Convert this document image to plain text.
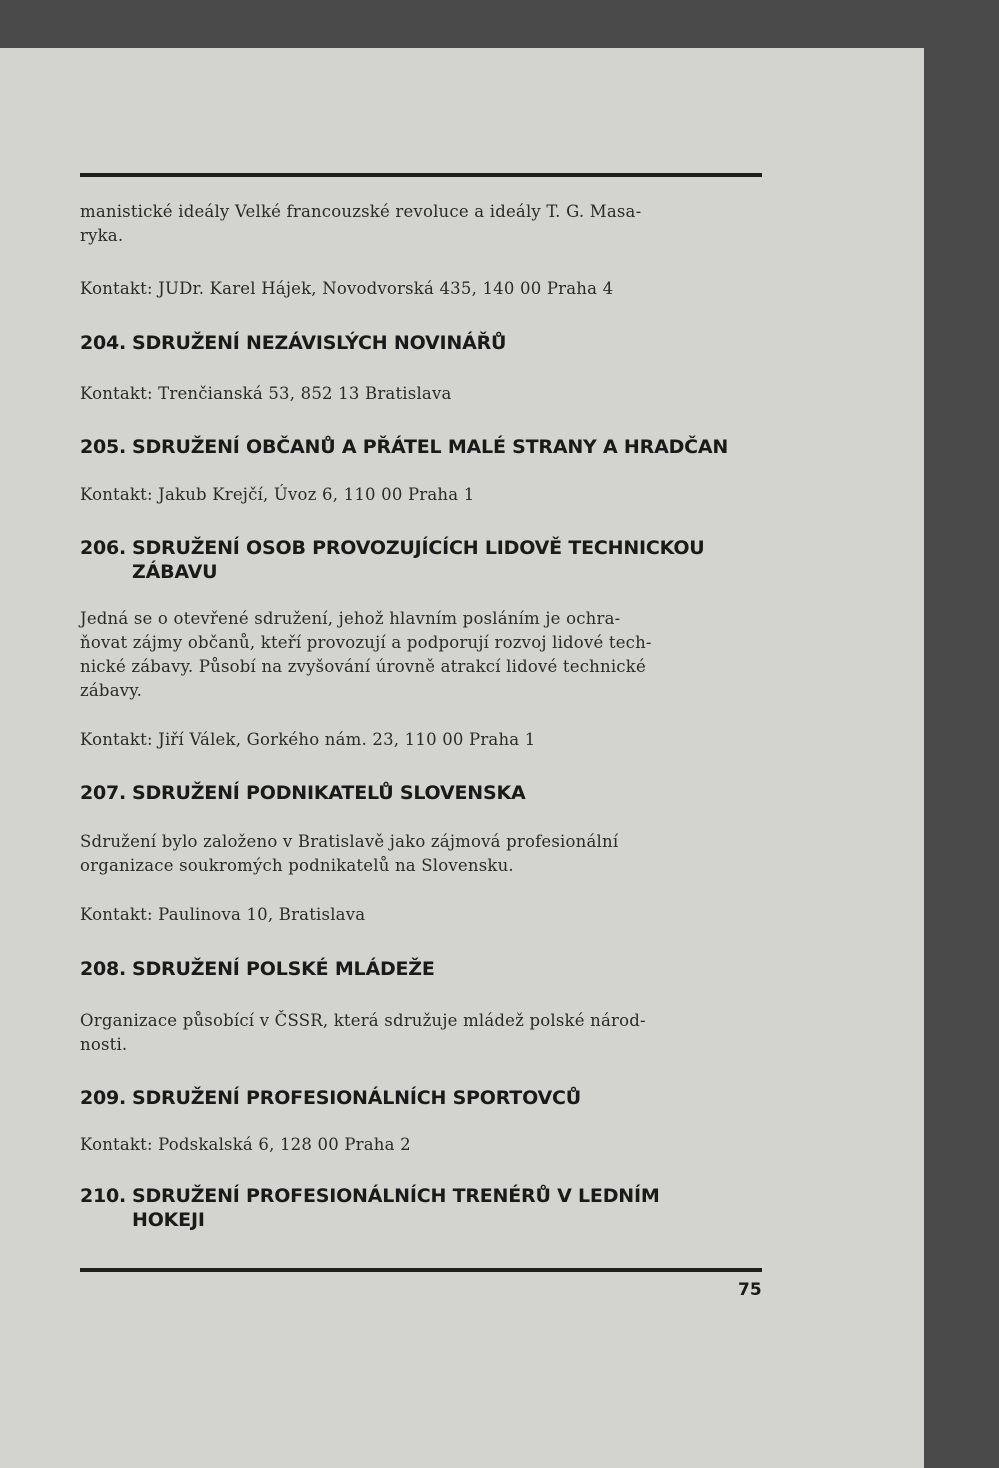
manistické ideály Velké francouzské revoluce a ideály T. G. Masa-

ryka.

Kontakt: JUDr. Karel Hájek, Novodvorská 435, 140 00 Praha 4

204. SDRUŽENÍ NEZÁVISLÝCH NOVINÁŘŮ

Kontakt: Trenčianská 53, 852 13 Bratislava

205. SDRUŽENÍ OBČANŮ A PŘÁTEL MALÉ STRANY A HRADČAN

Kontakt: Jakub Krejčí, Úvoz 6, 110 00 Praha 1

206. SDRUŽENÍ OSOB PROVOZUJÍCÍCH LIDOVĚ TECHNICKOU
ZÁBAVU

Jedná se o otevřené sdružení, jehož hlavním posláním je ochra-

ňovat zájmy občanů, kteří provozují a podporují rozvoj lidové tech-

nické zábavy. Působí na zvyšování úrovně atrakcí lidové technické

zábavy.

Kontakt: Jiří Válek, Gorkého nám. 23, 110 00 Praha 1

207. SDRUŽENÍ PODNIKATELŮ SLOVENSKA

Sdružení bylo založeno v Bratislavě jako zájmová profesionální

organizace soukromých podnikatelů na Slovensku.

Kontakt: Paulinova 10, Bratislava

208. SDRUŽENÍ POLSKÉ MLÁDEŽE

Organizace působící v ČSSR, která sdružuje mládež polské národ-

nosti.

209. SDRUŽENÍ PROFESIONÁLNÍCH SPORTOVCŮ

Kontakt: Podskalská 6, 128 00 Praha 2

210. SDRUŽENÍ PROFESIONÁLNÍCH TRENÉRŮ V LEDNÍM
HOKEJI
75
